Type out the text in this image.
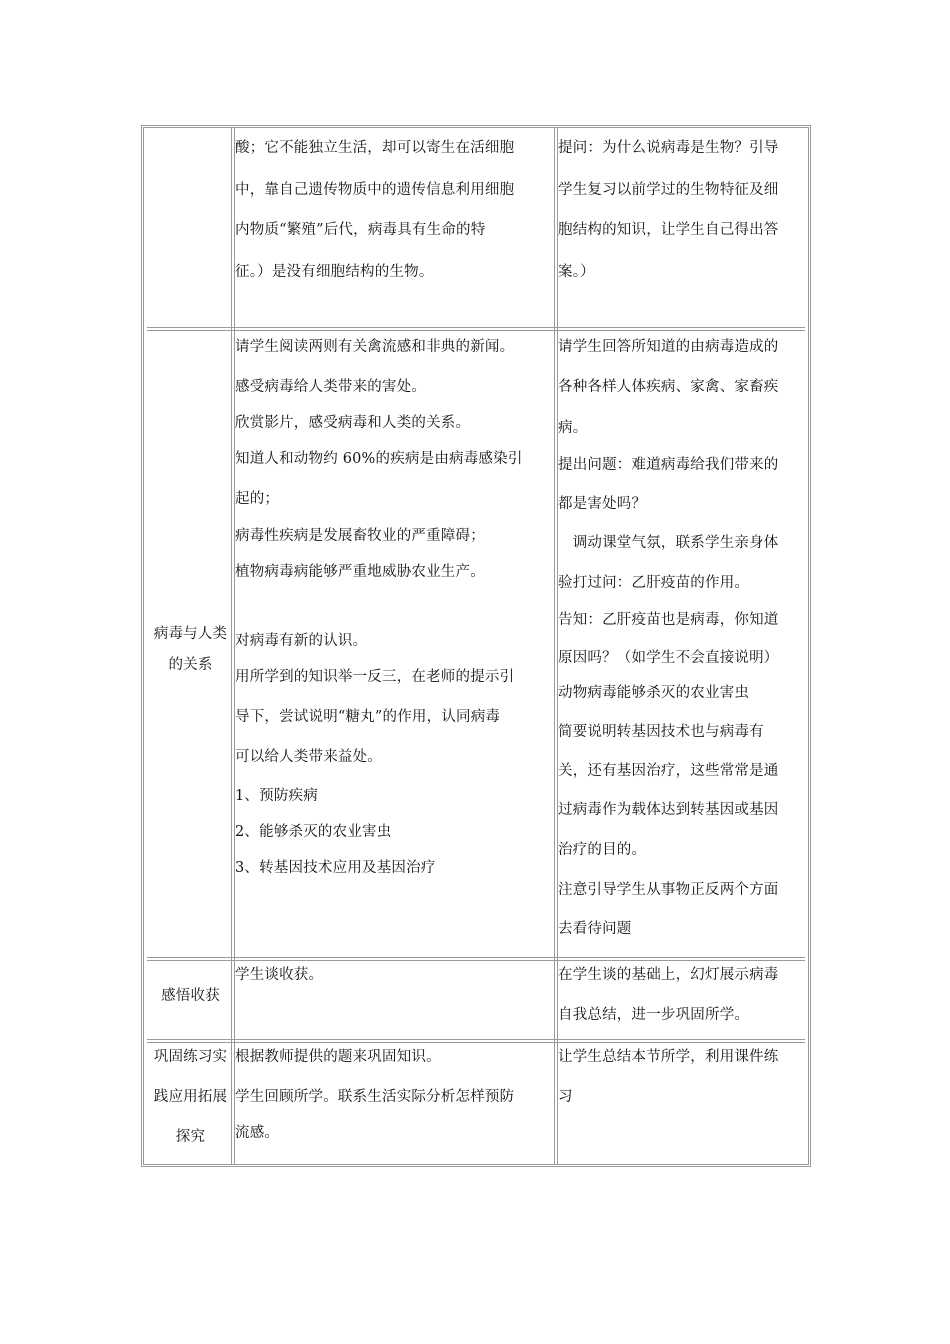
酸；它不能独立生活，却可以寄生在活细胞
中，靠自己遗传物质中的遗传信息利用细胞
内物质“繁殖”后代，病毒具有生命的特
征。）是没有细胞结构的生物。
提问：为什么说病毒是生物？引导
学生复习以前学过的生物特征及细
胞结构的知识，让学生自己得出答
案。）
病毒与人类
的关系
请学生阅读两则有关禽流感和非典的新闻。
感受病毒给人类带来的害处。
欣赏影片，感受病毒和人类的关系。
知道人和动物约 60%的疾病是由病毒感染引
起的；
病毒性疾病是发展畜牧业的严重障碍；
植物病毒病能够严重地威胁农业生产。
对病毒有新的认识。
用所学到的知识举一反三，在老师的提示引
导下，尝试说明“糖丸”的作用，认同病毒
可以给人类带来益处。
1、预防疾病
2、能够杀灭的农业害虫
3、转基因技术应用及基因治疗
请学生回答所知道的由病毒造成的
各种各样人体疾病、家禽、家畜疾
病。
提出问题：难道病毒给我们带来的
都是害处吗？
　调动课堂气氛，联系学生亲身体
验打过问：乙肝疫苗的作用。
告知：乙肝疫苗也是病毒，你知道
原因吗？（如学生不会直接说明）
动物病毒能够杀灭的农业害虫
简要说明转基因技术也与病毒有
关，还有基因治疗，这些常常是通
过病毒作为载体达到转基因或基因
治疗的目的。
注意引导学生从事物正反两个方面
去看待问题
感悟收获
学生谈收获。	在学生谈的基础上，幻灯展示病毒
自我总结，进一步巩固所学。
巩固练习实
践应用拓展
探究
根据教师提供的题来巩固知识。
学生回顾所学。联系生活实际分析怎样预防
流感。
让学生总结本节所学，利用课件练
习
